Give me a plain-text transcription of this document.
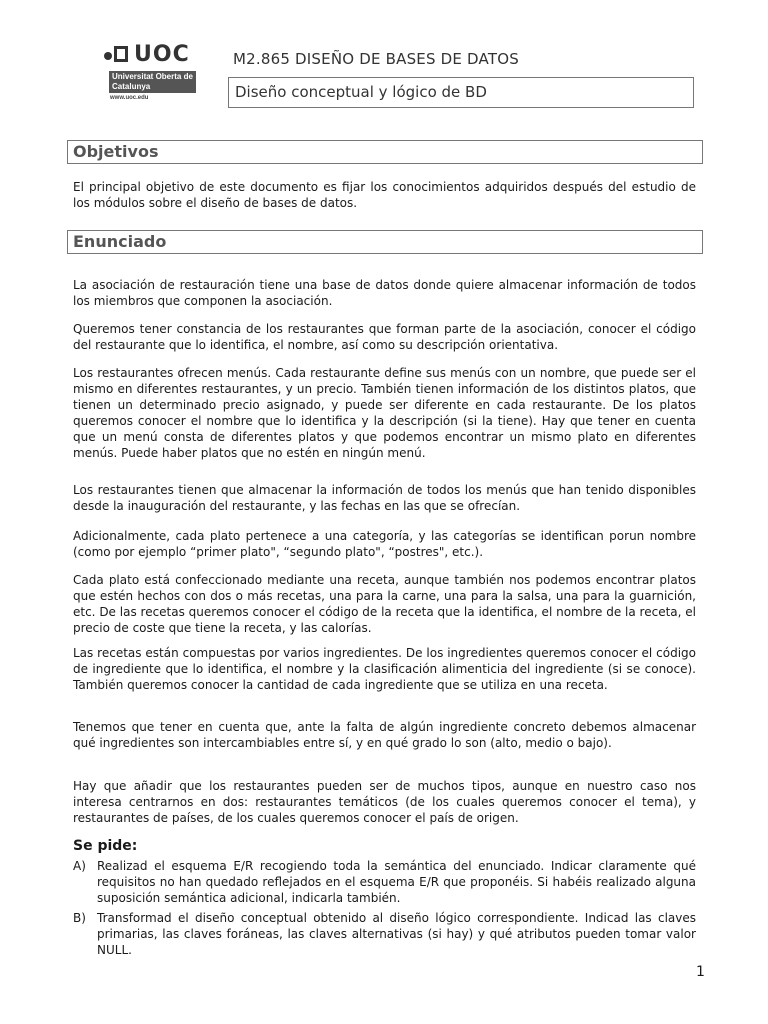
UOC
Universitat Oberta de Catalunya
www.uoc.edu
M2.865 DISEÑO DE BASES DE DATOS
Diseño conceptual y lógico de BD
Objetivos

El principal objetivo de este documento es fijar los conocimientos adquiridos después del estudio de los módulos sobre el diseño de bases de datos.

Enunciado

La asociación de restauración tiene una base de datos donde quiere almacenar información de todos los miembros que componen la asociación.

Queremos tener constancia de los restaurantes que forman parte de la asociación, conocer el código del restaurante que lo identifica, el nombre, así como su descripción orientativa.

Los restaurantes ofrecen menús. Cada restaurante define sus menús con un nombre, que puede ser el mismo en diferentes restaurantes, y un precio. También tienen información de los distintos platos, que tienen un determinado precio asignado, y puede ser diferente en cada restaurante. De los platos queremos conocer el nombre que lo identifica y la descripción (si la tiene). Hay que tener en cuenta que un menú consta de diferentes platos y que podemos encontrar un mismo plato en diferentes menús. Puede haber platos que no estén en ningún menú.

Los restaurantes tienen que almacenar la información de todos los menús que han tenido disponibles desde la inauguración del restaurante, y las fechas en las que se ofrecían.

Adicionalmente, cada plato pertenece a una categoría, y las categorías se identifican porun nombre (como por ejemplo “primer plato", “segundo plato", “postres", etc.).

Cada plato está confeccionado mediante una receta, aunque también nos podemos encontrar platos que estén hechos con dos o más recetas, una para la carne, una para la salsa, una para la guarnición, etc. De las recetas queremos conocer el código de la receta que la identifica, el nombre de la receta, el precio de coste que tiene la receta, y las calorías.

Las recetas están compuestas por varios ingredientes. De los ingredientes queremos conocer el código de ingrediente que lo identifica, el nombre y la clasificación alimenticia del ingrediente (si se conoce). También queremos conocer la cantidad de cada ingrediente que se utiliza en una receta.

Tenemos que tener en cuenta que, ante la falta de algún ingrediente concreto debemos almacenar qué ingredientes son intercambiables entre sí, y en qué grado lo son (alto, medio o bajo).

Hay que añadir que los restaurantes pueden ser de muchos tipos, aunque en nuestro caso nos interesa centrarnos en dos: restaurantes temáticos (de los cuales queremos conocer el tema), y restaurantes de países, de los cuales queremos conocer el país de origen.

Se pide:
A) Realizad el esquema E/R recogiendo toda la semántica del enunciado. Indicar claramente qué requisitos no han quedado reflejados en el esquema E/R que proponéis. Si habéis realizado alguna suposición semántica adicional, indicarla también.
B) Transformad el diseño conceptual obtenido al diseño lógico correspondiente. Indicad las claves primarias, las claves foráneas, las claves alternativas (si hay) y qué atributos pueden tomar valor NULL.
1
